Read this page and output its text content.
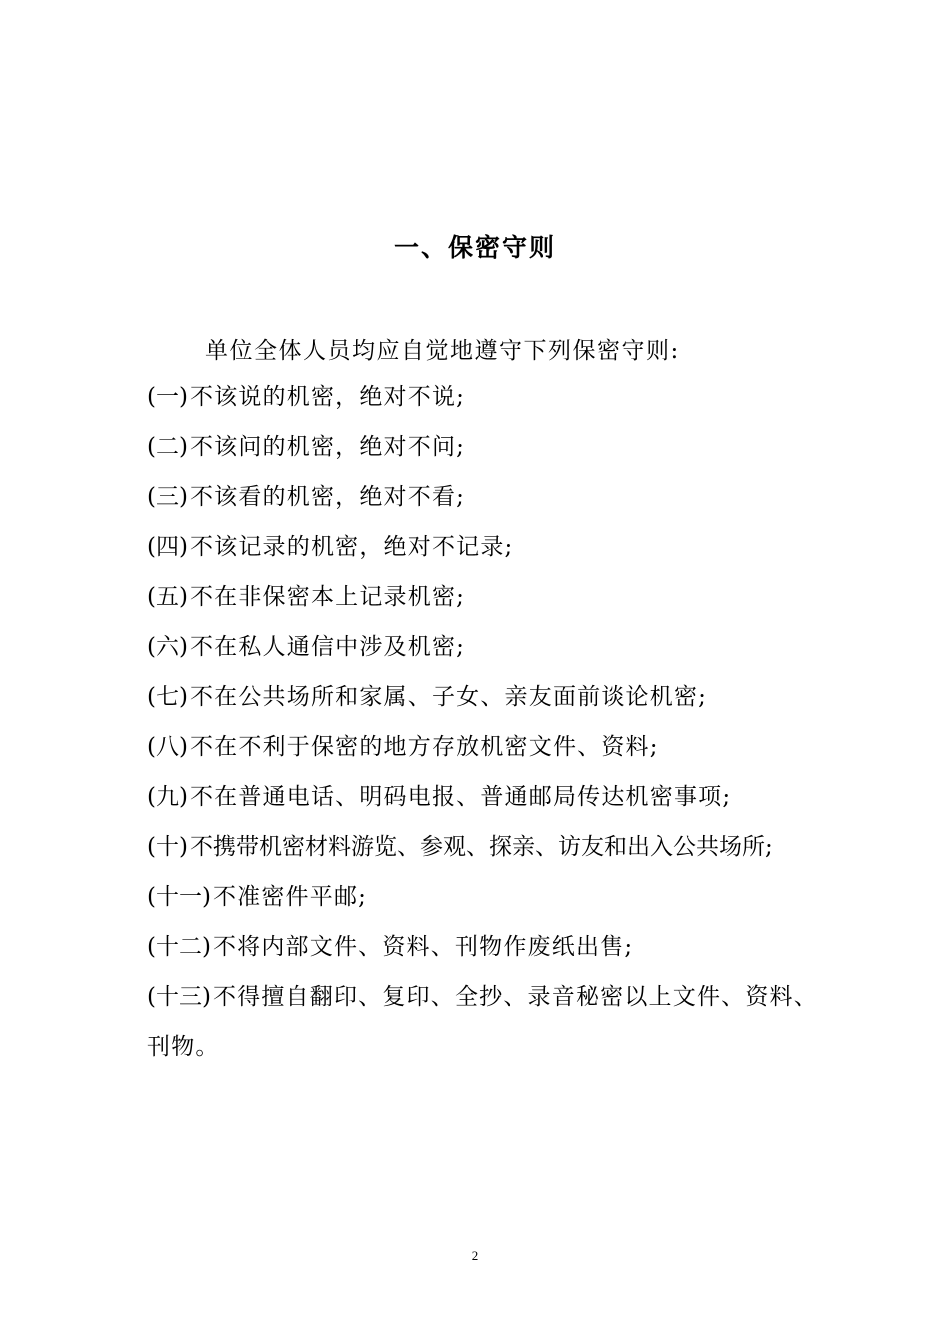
一、保密守则
单位全体人员均应自觉地遵守下列保密守则:
(一)不该说的机密，绝对不说;
(二)不该问的机密，绝对不问;
(三)不该看的机密，绝对不看;
(四)不该记录的机密，绝对不记录;
(五)不在非保密本上记录机密;
(六)不在私人通信中涉及机密;
(七)不在公共场所和家属、子女、亲友面前谈论机密;
(八)不在不利于保密的地方存放机密文件、资料;
(九)不在普通电话、明码电报、普通邮局传达机密事项;
(十)不携带机密材料游览、参观、探亲、访友和出入公共场所;
(十一)不准密件平邮;
(十二)不将内部文件、资料、刊物作废纸出售;
(十三)不得擅自翻印、复印、全抄、录音秘密以上文件、资料、刊物。
2
